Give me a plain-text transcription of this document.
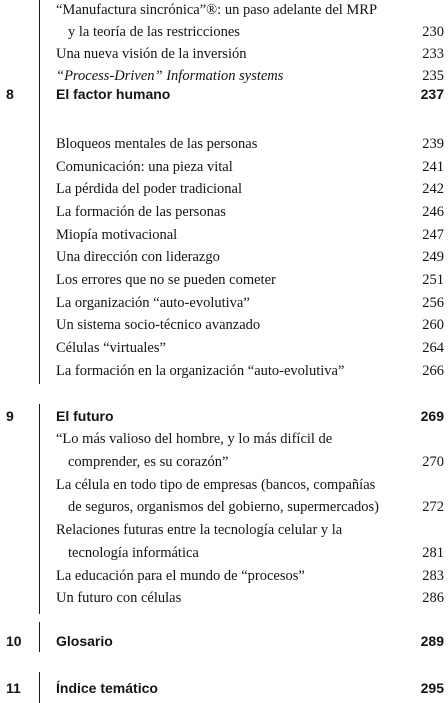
“Manufactura sincrónica”®: un paso adelante del MRP
y la teoría de las restricciones	230
Una nueva visión de la inversión	233
“Process-Driven” Information systems	235
8	El factor humano	237
Bloqueos mentales de las personas	239
Comunicación: una pieza vital	241
La pérdida del poder tradicional	242
La formación de las personas	246
Miopía motivacional	247
Una dirección con liderazgo	249
Los errores que no se pueden cometer	251
La organización “auto-evolutiva”	256
Un sistema socio-técnico avanzado	260
Células “virtuales”	264
La formación en la organización “auto-evolutiva”	266
9	El futuro	269
“Lo más valioso del hombre, y lo más difícil de
comprender, es su corazón”	270
La célula en todo tipo de empresas (bancos, compañías
de seguros, organismos del gobierno, supermercados)	272
Relaciones futuras entre la tecnología celular y la
tecnología informática	281
La educación para el mundo de “procesos”	283
Un futuro con células	286
10	Glosario	289
11	Índice temático	295
